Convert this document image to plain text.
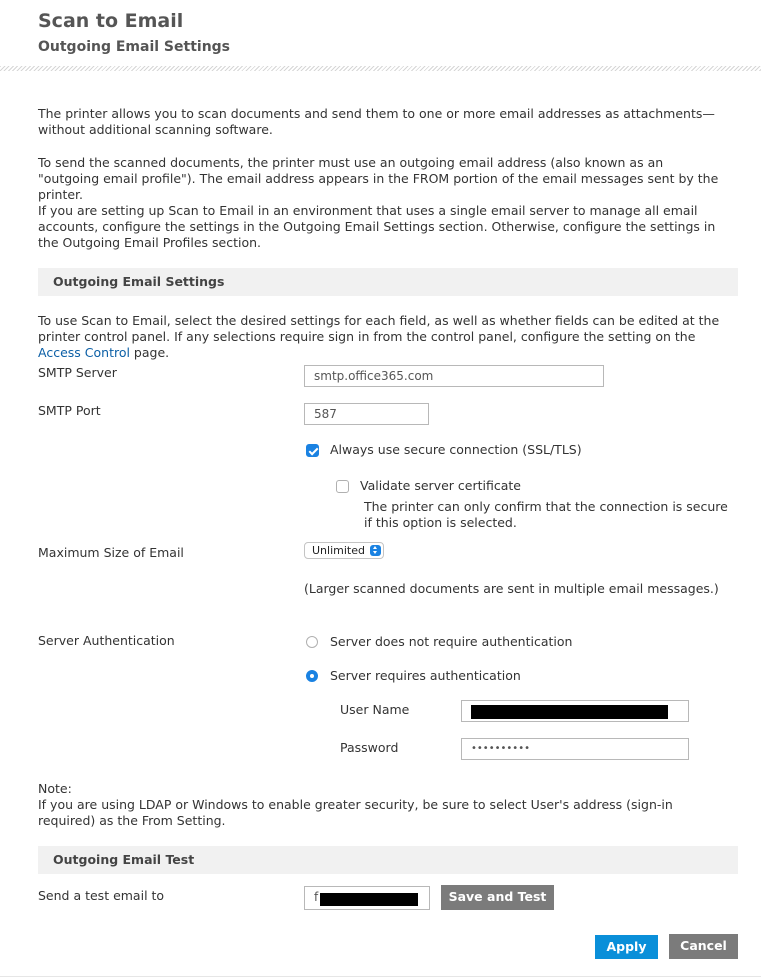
Scan to Email
Outgoing Email Settings
The printer allows you to scan documents and send them to one or more email addresses as attachments—without additional scanning software.
To send the scanned documents, the printer must use an outgoing email address (also known as an "outgoing email profile"). The email address appears in the FROM portion of the email messages sent by the printer.
If you are setting up Scan to Email in an environment that uses a single email server to manage all email accounts, configure the settings in the Outgoing Email Settings section. Otherwise, configure the settings in the Outgoing Email Profiles section.
Outgoing Email Settings
To use Scan to Email, select the desired settings for each field, as well as whether fields can be edited at the printer control panel. If any selections require sign in from the control panel, configure the setting on the Access Control page.
SMTP Server	smtp.office365.com
SMTP Port	587
Always use secure connection (SSL/TLS)
Validate server certificate
The printer can only confirm that the connection is secure if this option is selected.
Maximum Size of Email	Unlimited
(Larger scanned documents are sent in multiple email messages.)
Server Authentication	Server does not require authentication
Server requires authentication
User Name
Password	••••••••••
Note:
If you are using LDAP or Windows to enable greater security, be sure to select User's address (sign-in required) as the From Setting.
Outgoing Email Test
Send a test email to	f	Save and Test
Apply	Cancel
